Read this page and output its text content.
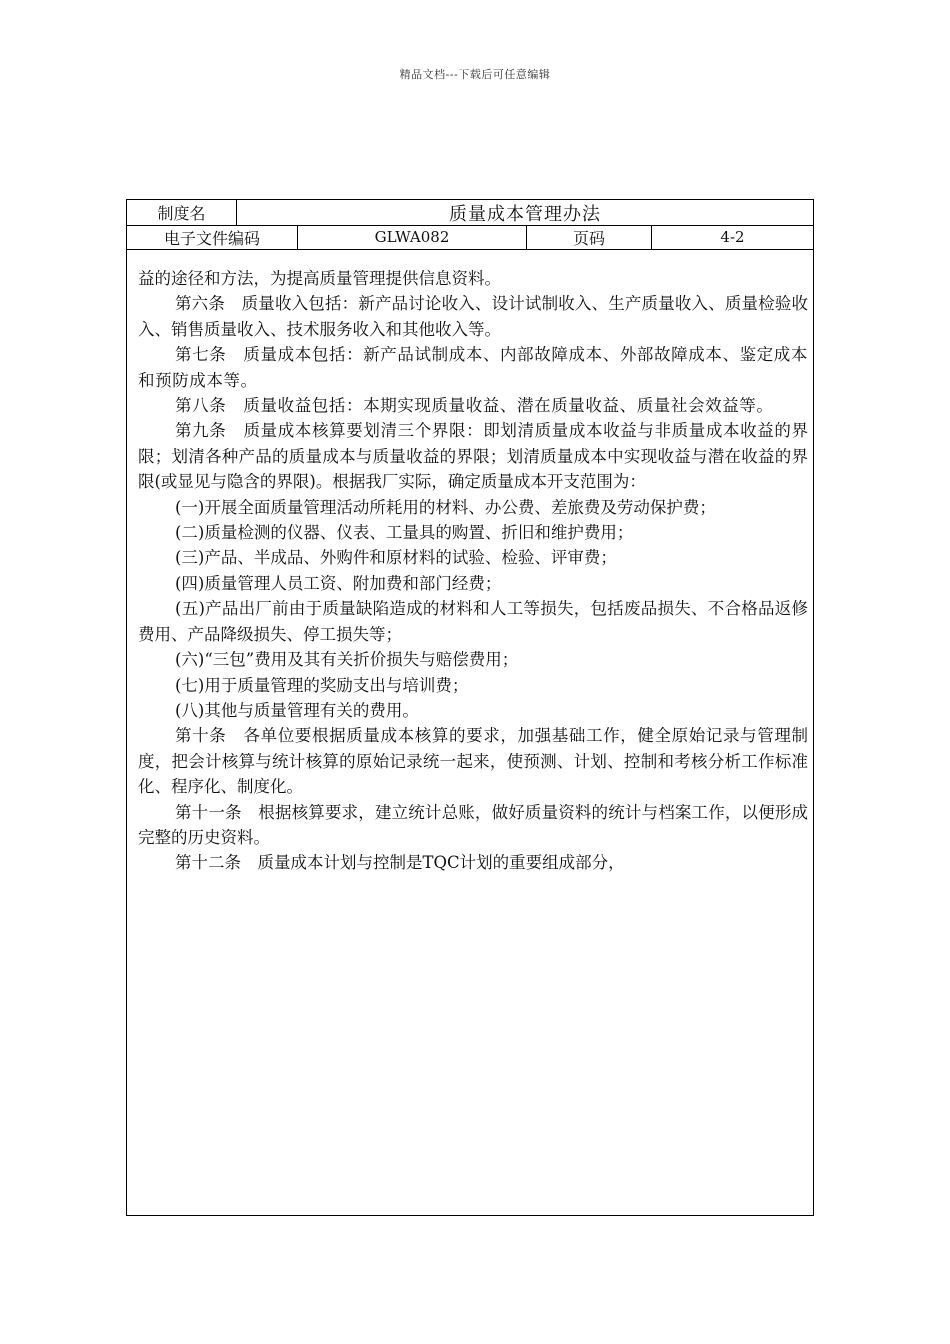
精品文档---下载后可任意编辑
制度名	质量成本管理办法
电子文件编码	GLWA082	页码	4-2

益的途径和方法，为提高质量管理提供信息资料。

第六条　质量收入包括：新产品讨论收入、设计试制收入、生产质量收入、质量检验收入、销售质量收入、技术服务收入和其他收入等。

第七条　质量成本包括：新产品试制成本、内部故障成本、外部故障成本、鉴定成本和预防成本等。

第八条　质量收益包括：本期实现质量收益、潜在质量收益、质量社会效益等。

第九条　质量成本核算要划清三个界限：即划清质量成本收益与非质量成本收益的界限；划清各种产品的质量成本与质量收益的界限；划清质量成本中实现收益与潜在收益的界限(或显见与隐含的界限)。根据我厂实际，确定质量成本开支范围为：

(一)开展全面质量管理活动所耗用的材料、办公费、差旅费及劳动保护费；

(二)质量检测的仪器、仪表、工量具的购置、折旧和维护费用；

(三)产品、半成品、外购件和原材料的试验、检验、评审费；

(四)质量管理人员工资、附加费和部门经费；

(五)产品出厂前由于质量缺陷造成的材料和人工等损失，包括废品损失、不合格品返修费用、产品降级损失、停工损失等；

(六)“三包”费用及其有关折价损失与赔偿费用；

(七)用于质量管理的奖励支出与培训费；

(八)其他与质量管理有关的费用。

第十条　各单位要根据质量成本核算的要求，加强基础工作，健全原始记录与管理制度，把会计核算与统计核算的原始记录统一起来，使预测、计划、控制和考核分析工作标准化、程序化、制度化。

第十一条　根据核算要求，建立统计总账，做好质量资料的统计与档案工作，以便形成完整的历史资料。

第十二条　质量成本计划与控制是TQC计划的重要组成部分，
